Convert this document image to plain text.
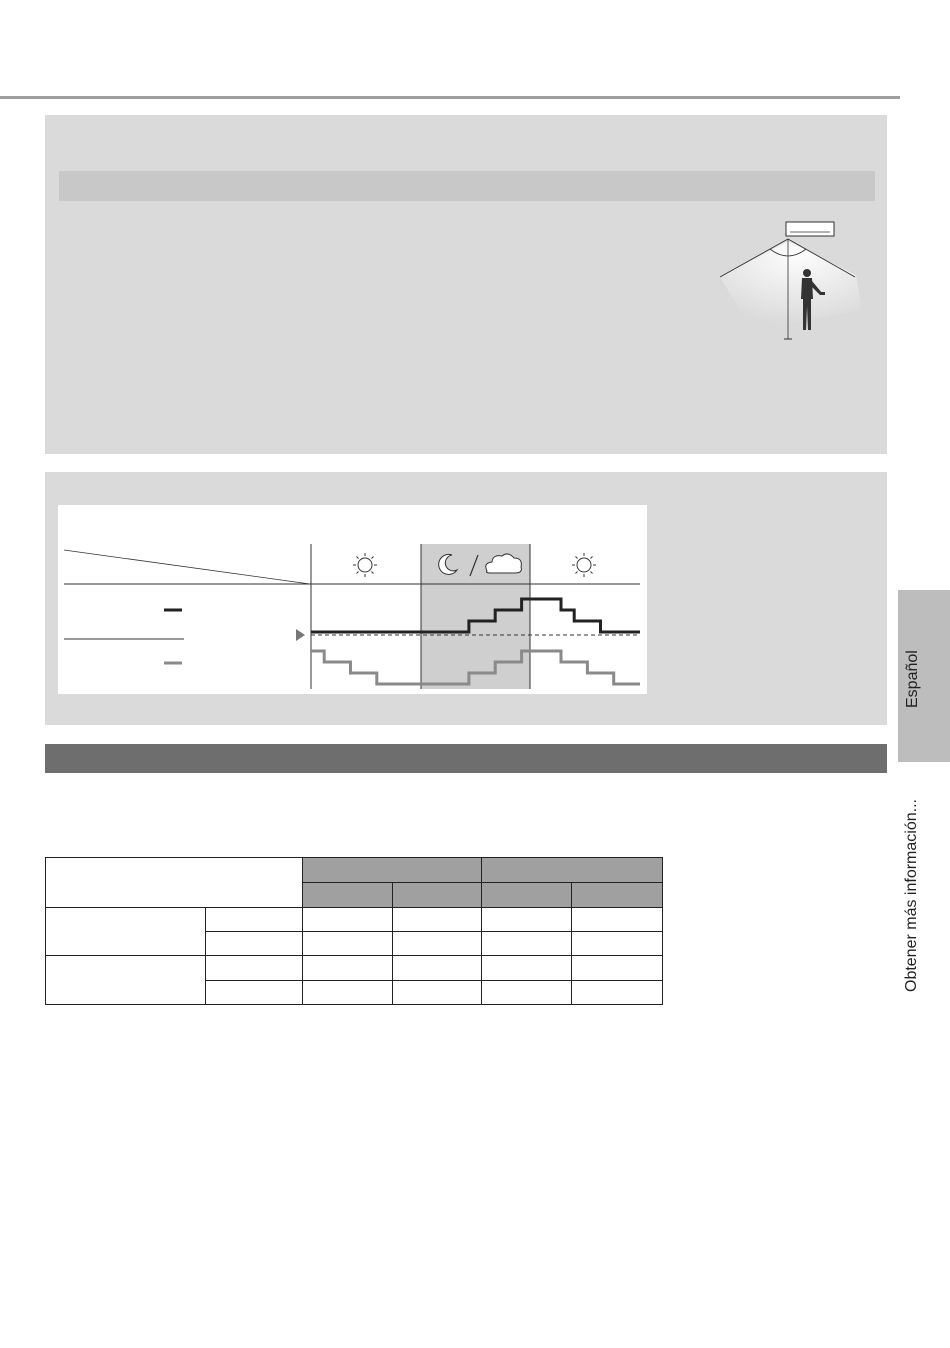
Español
Obtener más información...
